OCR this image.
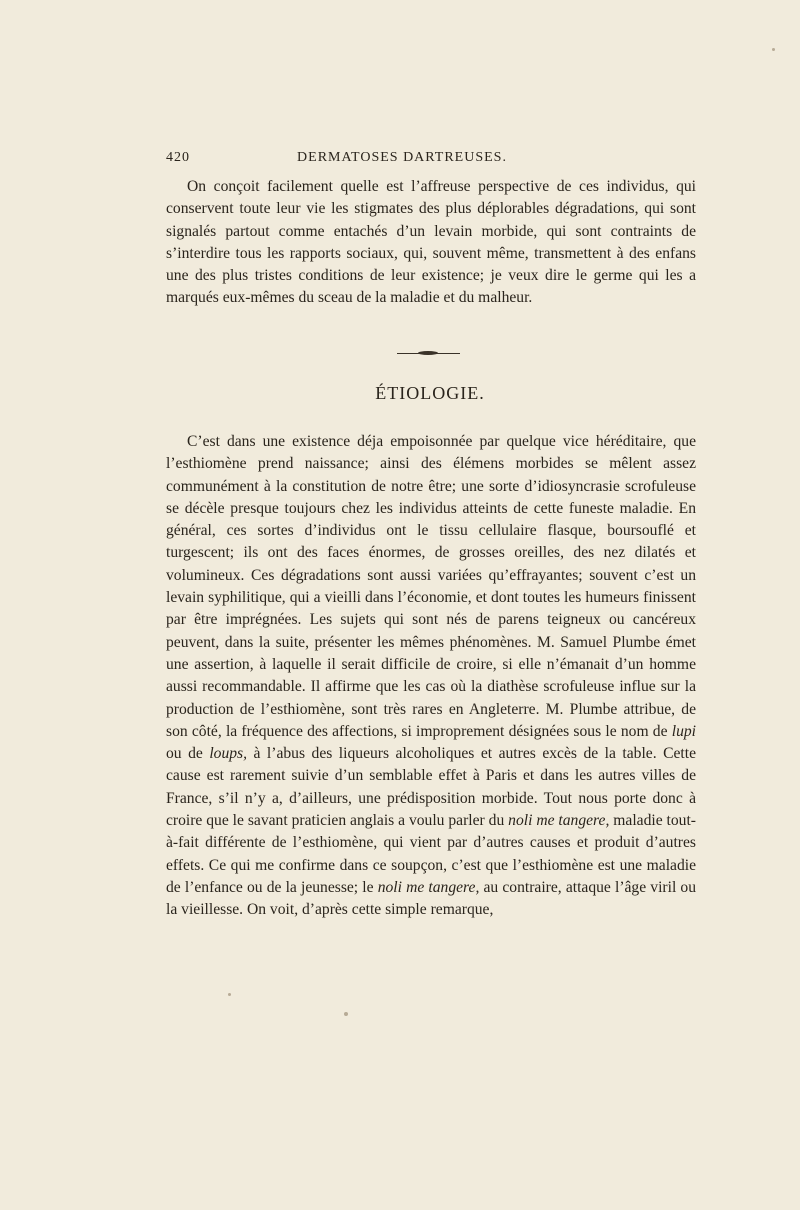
420	DERMATOSES DARTREUSES.

On conçoit facilement quelle est l’affreuse perspective de ces individus, qui conservent toute leur vie les stigmates des plus déplorables dégradations, qui sont signalés partout comme entachés d’un levain morbide, qui sont contraints de s’interdire tous les rapports sociaux, qui, souvent même, transmettent à des enfans une des plus tristes conditions de leur existence; je veux dire le germe qui les a marqués eux-mêmes du sceau de la maladie et du malheur.

ÉTIOLOGIE.

C’est dans une existence déja empoisonnée par quelque vice héréditaire, que l’esthiomène prend naissance; ainsi des élémens morbides se mêlent assez communément à la constitution de notre être; une sorte d’idiosyncrasie scrofuleuse se décèle presque toujours chez les individus atteints de cette funeste maladie. En général, ces sortes d’individus ont le tissu cellulaire flasque, boursouflé et turgescent; ils ont des faces énormes, de grosses oreilles, des nez dilatés et volumineux. Ces dégradations sont aussi variées qu’effrayantes; souvent c’est un levain syphilitique, qui a vieilli dans l’économie, et dont toutes les humeurs finissent par être imprégnées. Les sujets qui sont nés de parens teigneux ou cancéreux peuvent, dans la suite, présenter les mêmes phénomènes. M. Samuel Plumbe émet une assertion, à laquelle il serait difficile de croire, si elle n’émanait d’un homme aussi recommandable. Il affirme que les cas où la diathèse scrofuleuse influe sur la production de l’esthiomène, sont très rares en Angleterre. M. Plumbe attribue, de son côté, la fréquence des affections, si improprement désignées sous le nom de lupi ou de loups, à l’abus des liqueurs alcoholiques et autres excès de la table. Cette cause est rarement suivie d’un semblable effet à Paris et dans les autres villes de France, s’il n’y a, d’ailleurs, une prédisposition morbide. Tout nous porte donc à croire que le savant praticien anglais a voulu parler du noli me tangere, maladie tout-à-fait différente de l’esthiomène, qui vient par d’autres causes et produit d’autres effets. Ce qui me confirme dans ce soupçon, c’est que l’esthiomène est une maladie de l’enfance ou de la jeunesse; le noli me tangere, au contraire, attaque l’âge viril ou la vieillesse. On voit, d’après cette simple remarque,
